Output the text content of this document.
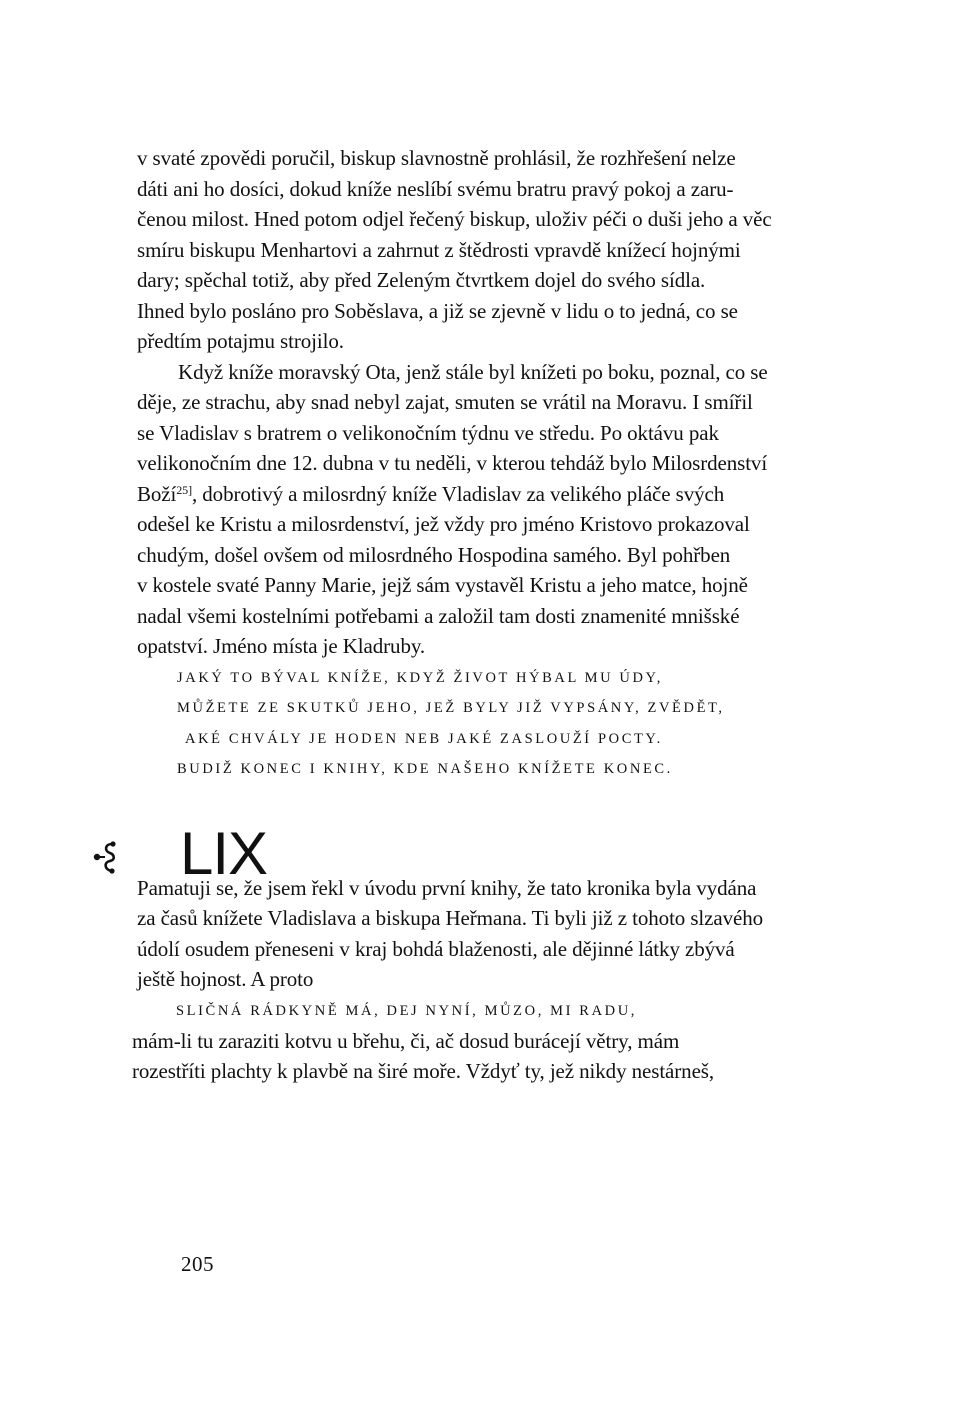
v svaté zpovědi poručil, biskup slavnostně prohlásil, že rozhřešení nelze

dáti ani ho dosíci, dokud kníže neslíbí svému bratru pravý pokoj a zaru-

čenou milost. Hned potom odjel řečený biskup, uloživ péči o duši jeho a věc

smíru biskupu Menhartovi a zahrnut z štědrosti vpravdě knížecí hojnými

dary; spěchal totiž, aby před Zeleným čtvrtkem dojel do svého sídla.

Ihned bylo posláno pro Soběslava, a již se zjevně v lidu o to jedná, co se

předtím potajmu strojilo.

Když kníže moravský Ota, jenž stále byl knížeti po boku, poznal, co se

děje, ze strachu, aby snad nebyl zajat, smuten se vrátil na Moravu. I smířil

se Vladislav s bratrem o velikonočním týdnu ve středu. Po oktávu pak

velikonočním dne 12. dubna v tu neděli, v kterou tehdáž bylo Milosrdenství

Boží$^{25]}$, dobrotivý a milosrdný kníže Vladislav za velikého pláče svých

odešel ke Kristu a milosrdenství, jež vždy pro jméno Kristovo prokazoval

chudým, došel ovšem od milosrdného Hospodina samého. Byl pohřben

v kostele svaté Panny Marie, jejž sám vystavěl Kristu a jeho matce, hojně

nadal všemi kostelními potřebami a založil tam dosti znamenité mnišské

opatství. Jméno místa je Kladruby.

JAKÝ TO BÝVAL KNÍŽE, KDYŽ ŽIVOT HÝBAL MU ÚDY,
MŮŽETE ZE SKUTKŮ JEHO, JEŽ BYLY JIŽ VYPSÁNY, ZVĚDĚT,
AKÉ CHVÁLY JE HODEN NEB JAKÉ ZASLOUŽÍ POCTY.
BUDIŽ KONEC I KNIHY, KDE NAŠEHO KNÍŽETE KONEC.
LIX

Pamatuji se, že jsem řekl v úvodu první knihy, že tato kronika byla vydána

za časů knížete Vladislava a biskupa Heřmana. Ti byli již z tohoto slzavého

údolí osudem přeneseni v kraj bohdá blaženosti, ale dějinné látky zbývá

ještě hojnost. A proto

SLIČNÁ RÁDKYNĚ MÁ, DEJ NYNÍ, MŮZO, MI RADU,

mám-li tu zaraziti kotvu u břehu, či, ač dosud burácejí větry, mám

rozestříti plachty k plavbě na širé moře. Vždyť ty, jež nikdy nestárneš,

205
